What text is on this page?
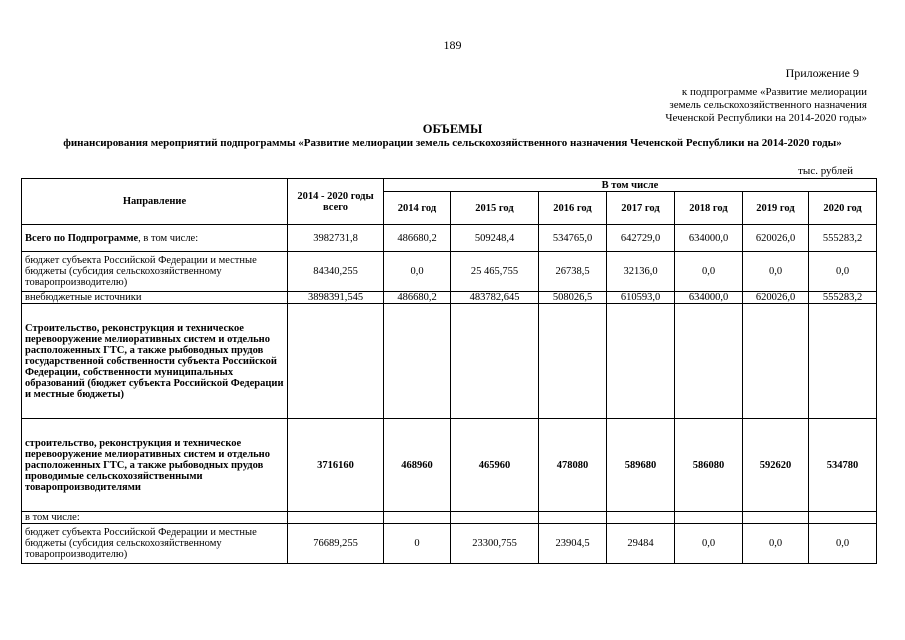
189
Приложение 9
к подпрограмме «Развитие мелиорации
земель сельскохозяйственного назначения
Чеченской Республики на 2014-2020 годы»
ОБЪЕМЫ
финансирования мероприятий подпрограммы «Развитие мелиорации земель сельскохозяйственного назначения Чеченской Республики на 2014-2020 годы»
тыс. рублей
Направление	2014 - 2020 годы всего	В том числе						
		2014 год	2015 год	2016 год	2017 год	2018 год	2019 год	2020 год
Всего по Подпрограмме, в том числе:	3982731,8	486680,2	509248,4	534765,0	642729,0	634000,0	620026,0	555283,2
бюджет субъекта Российской Федерации и местные бюджеты (субсидия сельскохозяйственному товаропроизводителю)	84340,255	0,0	25 465,755	26738,5	32136,0	0,0	0,0	0,0
внебюджетные источники	3898391,545	486680,2	483782,645	508026,5	610593,0	634000,0	620026,0	555283,2
Строительство, реконструкция и техническое перевооружение мелиоративных систем и отдельно расположенных ГТС, а также рыбоводных прудов государственной собственности субъекта Российской Федерации, собственности муниципальных образований (бюджет субъекта Российской Федерации и местные бюджеты)								
строительство, реконструкция и техническое перевооружение мелиоративных систем и отдельно расположенных ГТС, а также рыбоводных прудов проводимые сельскохозяйственными товаропроизводителями	3716160	468960	465960	478080	589680	586080	592620	534780
в том числе:								
бюджет субъекта Российской Федерации и местные бюджеты (субсидия сельскохозяйственному товаропроизводителю)	76689,255	0	23300,755	23904,5	29484	0,0	0,0	0,0
